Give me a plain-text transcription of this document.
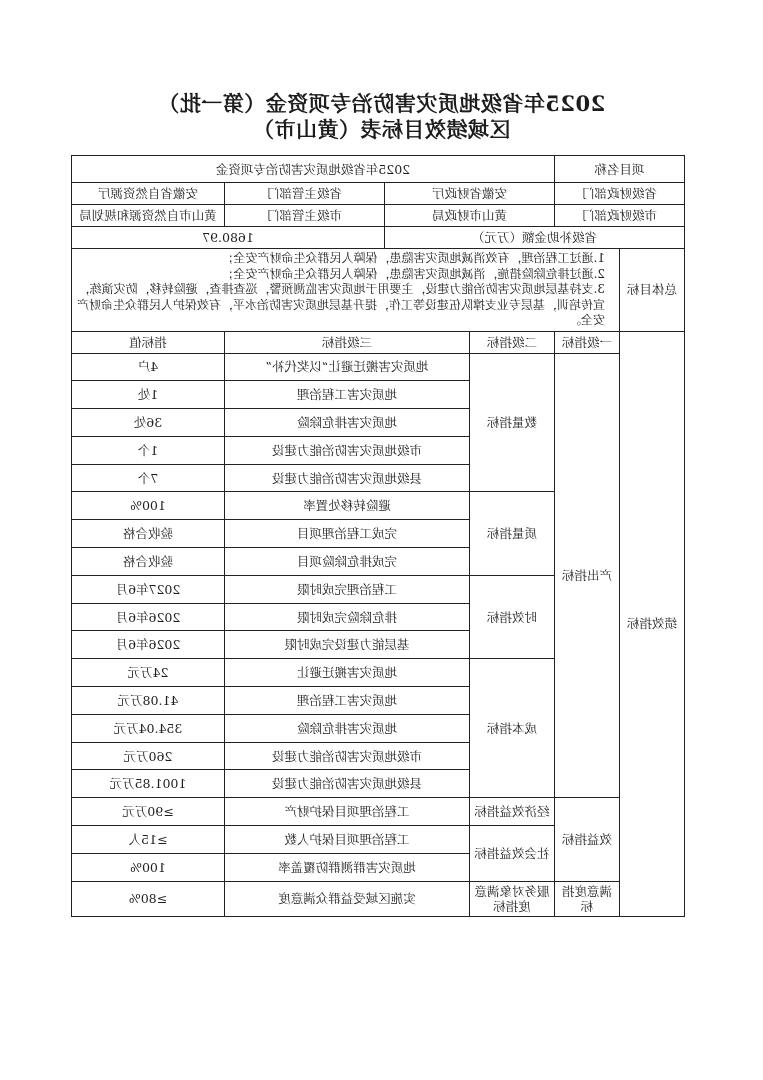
2025年省级地质灾害防治专项资金（第一批）
区域绩效目标表（黄山市）
项目名称		2025年省级地质灾害防治专项资金			
省级财政部门		安徽省财政厅		省级主管部门	安徽省自然资源厅
市级财政部门		黄山市财政局		市级主管部门	黄山市自然资源和规划局
省级补助金额（万元）				1680.97	
总体目标	1.通过工程治理，有效消减地质灾害隐患，保障人民群众生命财产安全；
2.通过排危除险措施，消减地质灾害隐患，保障人民群众生命财产安全；
3.支持基层地质灾害防治能力建设，主要用于地质灾害监测预警，巡查排查，避险转移，防灾演练，宣传培训，基层专业支撑队伍建设等工作，提升基层地质灾害防治水平，有效保护人民群众生命财产安全。				

绩效指标	一级指标	二级指标	三级指标		指标值
	产出指标	数量指标	地质灾害搬迁避让“以奖代补”		4户
			地质灾害工程治理		1处
			地质灾害排危除险		36处
			市级地质灾害防治能力建设		1个
			县级地质灾害防治能力建设		7个
		质量指标	避险转移处置率		100%
			完成工程治理项目		验收合格
			完成排危除险项目		验收合格
		时效指标	工程治理完成时限		2027年6月
			排危除险完成时限		2026年6月
			基层能力建设完成时限		2026年6月
		成本指标	地质灾害搬迁避让		24万元
			地质灾害工程治理		41.08万元
			地质灾害排危除险		354.04万元
			市级地质灾害防治能力建设		260万元
			县级地质灾害防治能力建设		1001.85万元
	效益指标	经济效益指标	工程治理项目保护财产		≥90万元
		社会效益指标	工程治理项目保护人数		≥15人
			地质灾害群测群防覆盖率		100%
	满意度指标	服务对象满意度指标	实施区域受益群众满意度		≥80%
